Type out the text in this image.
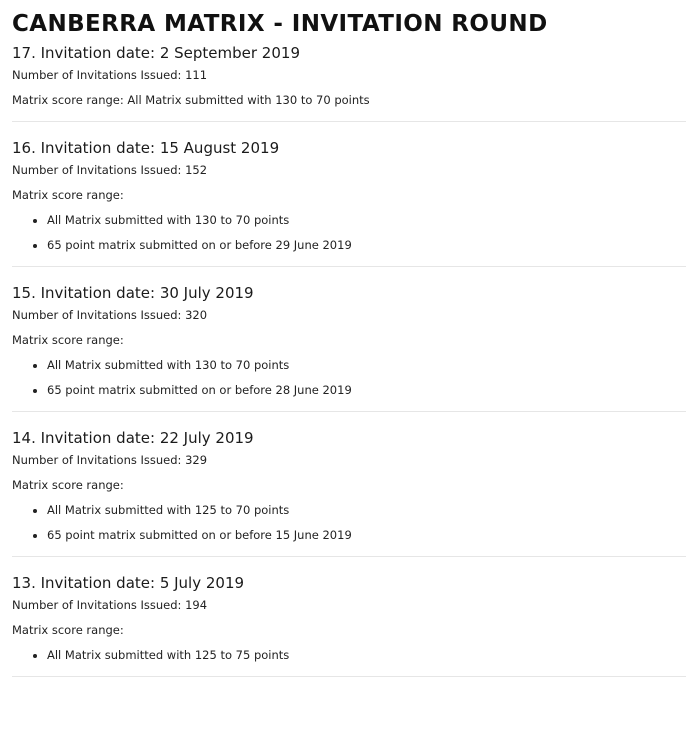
CANBERRA MATRIX - INVITATION ROUND
17. Invitation date: 2 September 2019
Number of Invitations Issued: 111
Matrix score range: All Matrix submitted with 130 to 70 points
16. Invitation date: 15 August 2019
Number of Invitations Issued: 152
Matrix score range:
All Matrix submitted with 130 to 70 points
65 point matrix submitted on or before 29 June 2019
15. Invitation date: 30 July 2019
Number of Invitations Issued: 320
Matrix score range:
All Matrix submitted with 130 to 70 points
65 point matrix submitted on or before 28 June 2019
14. Invitation date: 22 July 2019
Number of Invitations Issued: 329
Matrix score range:
All Matrix submitted with 125 to 70 points
65 point matrix submitted on or before 15 June 2019
13. Invitation date: 5 July 2019
Number of Invitations Issued: 194
Matrix score range:
All Matrix submitted with 125 to 75 points
